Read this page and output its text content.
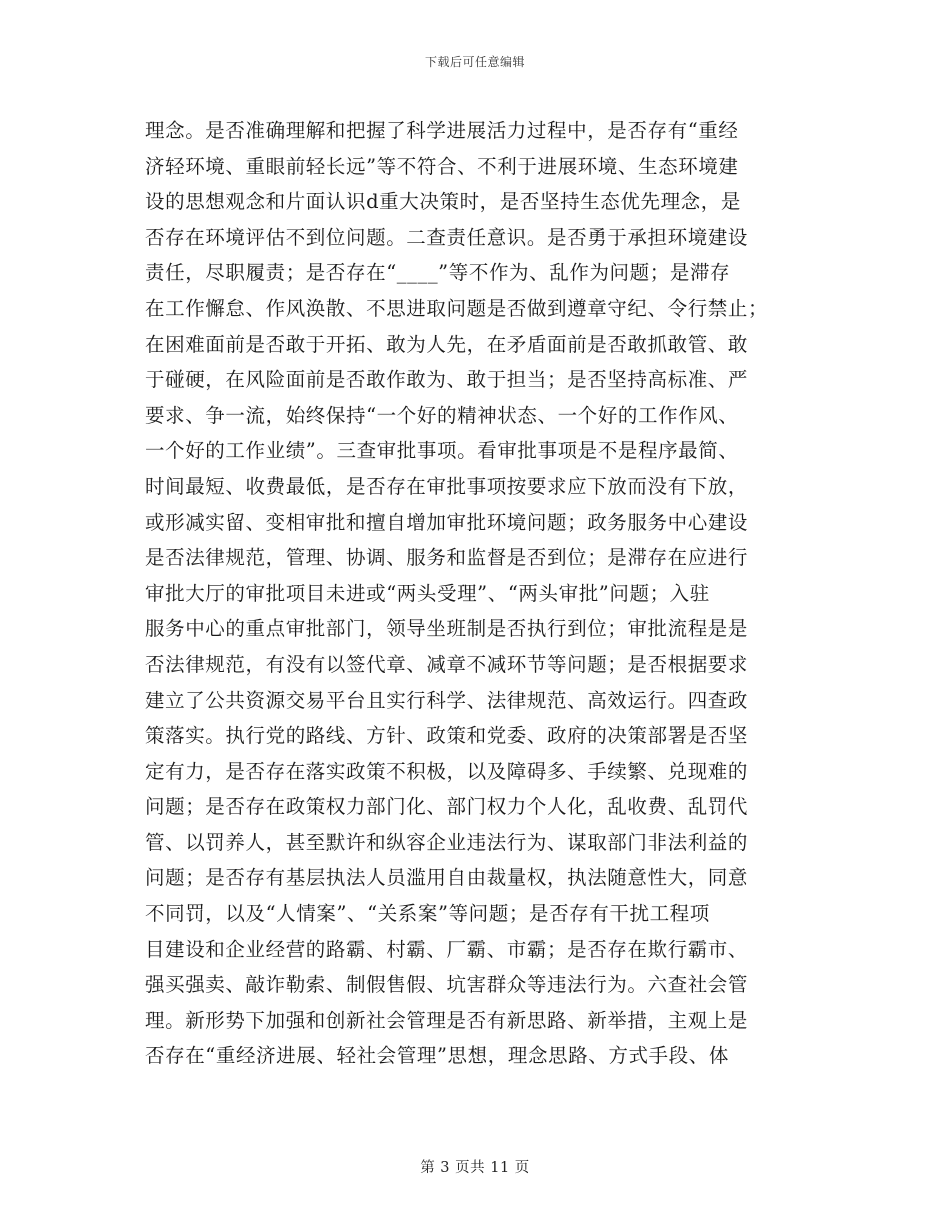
下载后可任意编辑
理念。是否准确理解和把握了科学进展活力过程中，是否存有“重经
济轻环境、重眼前轻长远”等不符合、不利于进展环境、生态环境建
设的思想观念和片面认识d重大决策时，是否坚持生态优先理念，是
否存在环境评估不到位问题。二查责任意识。是否勇于承担环境建设
责任，尽职履责；是否存在“____”等不作为、乱作为问题；是滞存
在工作懈怠、作风涣散、不思进取问题是否做到遵章守纪、令行禁止；
在困难面前是否敢于开拓、敢为人先，在矛盾面前是否敢抓敢管、敢
于碰硬，在风险面前是否敢作敢为、敢于担当；是否坚持高标准、严
要求、争一流，始终保持“一个好的精神状态、一个好的工作作风、
一个好的工作业绩”。三查审批事项。看审批事项是不是程序最简、
时间最短、收费最低，是否存在审批事项按要求应下放而没有下放，
或形减实留、变相审批和擅自增加审批环境问题；政务服务中心建设
是否法律规范，管理、协调、服务和监督是否到位；是滞存在应进行
审批大厅的审批项目未进或“两头受理”、“两头审批”问题；入驻
服务中心的重点审批部门，领导坐班制是否执行到位；审批流程是是
否法律规范，有没有以签代章、减章不减环节等问题；是否根据要求
建立了公共资源交易平台且实行科学、法律规范、高效运行。四查政
策落实。执行党的路线、方针、政策和党委、政府的决策部署是否坚
定有力，是否存在落实政策不积极，以及障碍多、手续繁、兑现难的
问题；是否存在政策权力部门化、部门权力个人化，乱收费、乱罚代
管、以罚养人，甚至默许和纵容企业违法行为、谋取部门非法利益的
问题；是否存有基层执法人员滥用自由裁量权，执法随意性大，同意
不同罚，以及“人情案”、“关系案”等问题；是否存有干扰工程项
目建设和企业经营的路霸、村霸、厂霸、市霸；是否存在欺行霸市、
强买强卖、敲诈勒索、制假售假、坑害群众等违法行为。六查社会管
理。新形势下加强和创新社会管理是否有新思路、新举措，主观上是
否存在“重经济进展、轻社会管理”思想，理念思路、方式手段、体
第 3 页共 11 页
